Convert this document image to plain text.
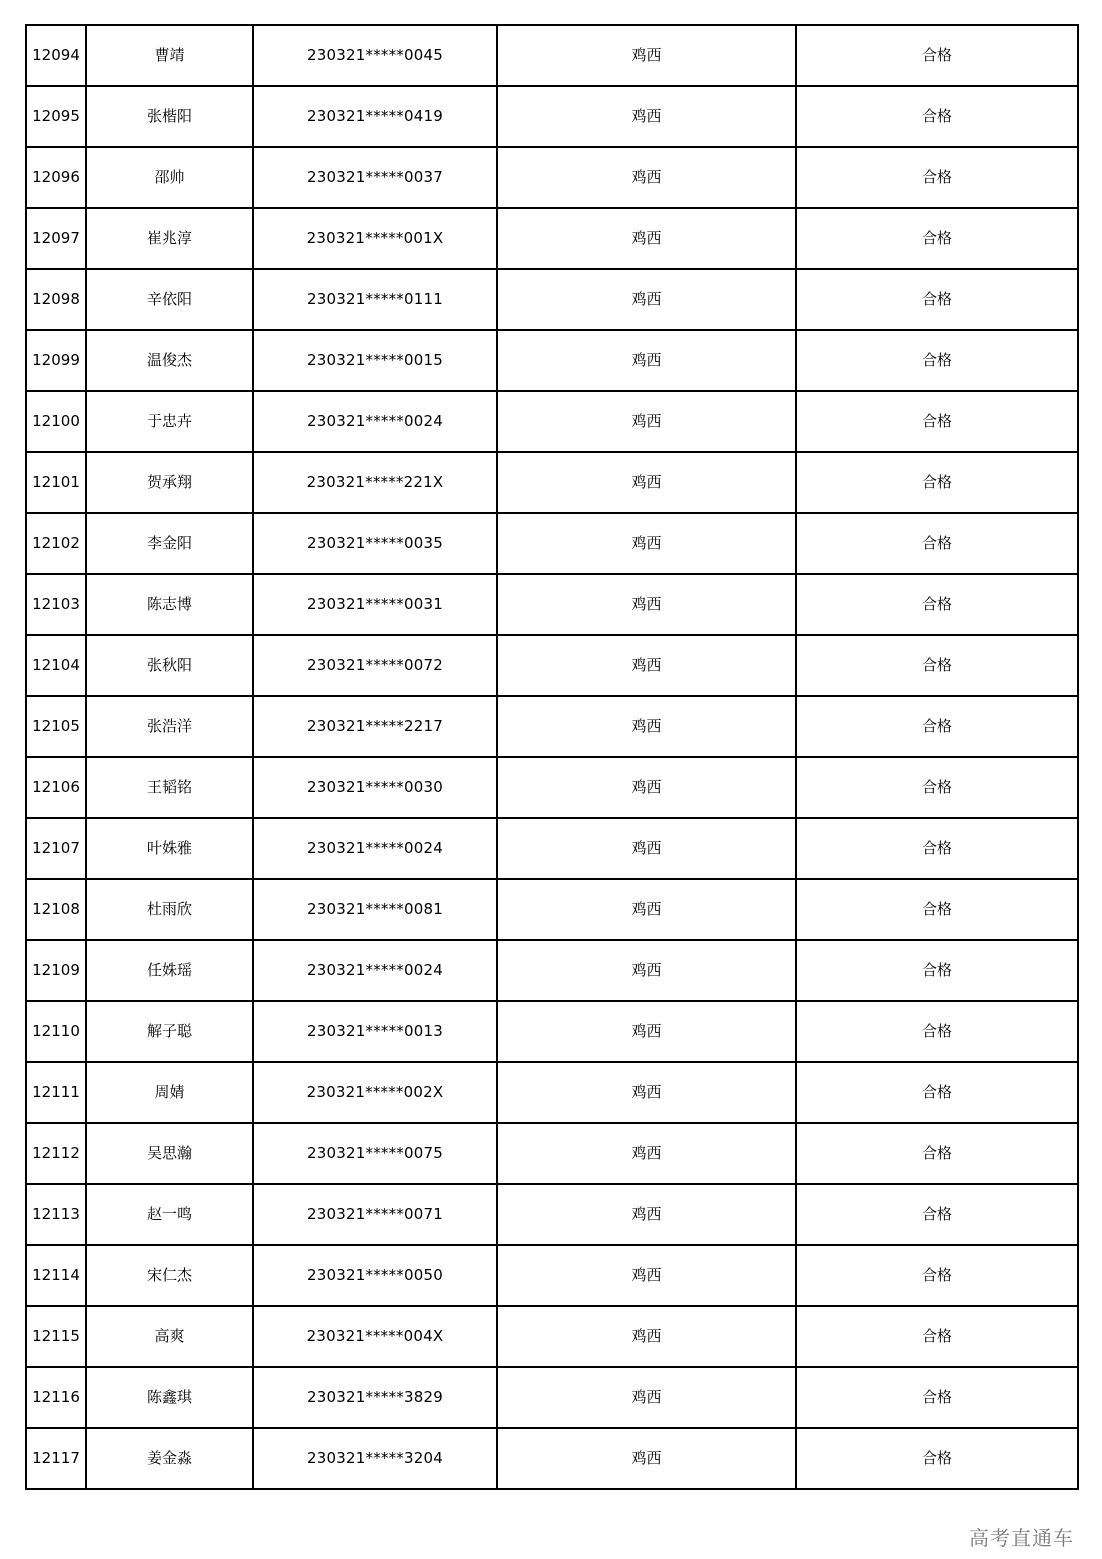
12094	曹靖	230321*****0045	鸡西	合格
12095	张楷阳	230321*****0419	鸡西	合格
12096	邵帅	230321*****0037	鸡西	合格
12097	崔兆淳	230321*****001X	鸡西	合格
12098	辛依阳	230321*****0111	鸡西	合格
12099	温俊杰	230321*****0015	鸡西	合格
12100	于忠卉	230321*****0024	鸡西	合格
12101	贺承翔	230321*****221X	鸡西	合格
12102	李金阳	230321*****0035	鸡西	合格
12103	陈志博	230321*****0031	鸡西	合格
12104	张秋阳	230321*****0072	鸡西	合格
12105	张浩洋	230321*****2217	鸡西	合格
12106	王韬铭	230321*****0030	鸡西	合格
12107	叶姝雅	230321*****0024	鸡西	合格
12108	杜雨欣	230321*****0081	鸡西	合格
12109	任姝瑶	230321*****0024	鸡西	合格
12110	解子聪	230321*****0013	鸡西	合格
12111	周婧	230321*****002X	鸡西	合格
12112	吴思瀚	230321*****0075	鸡西	合格
12113	赵一鸣	230321*****0071	鸡西	合格
12114	宋仁杰	230321*****0050	鸡西	合格
12115	高爽	230321*****004X	鸡西	合格
12116	陈鑫琪	230321*****3829	鸡西	合格
12117	姜金淼	230321*****3204	鸡西	合格
高考直通车
